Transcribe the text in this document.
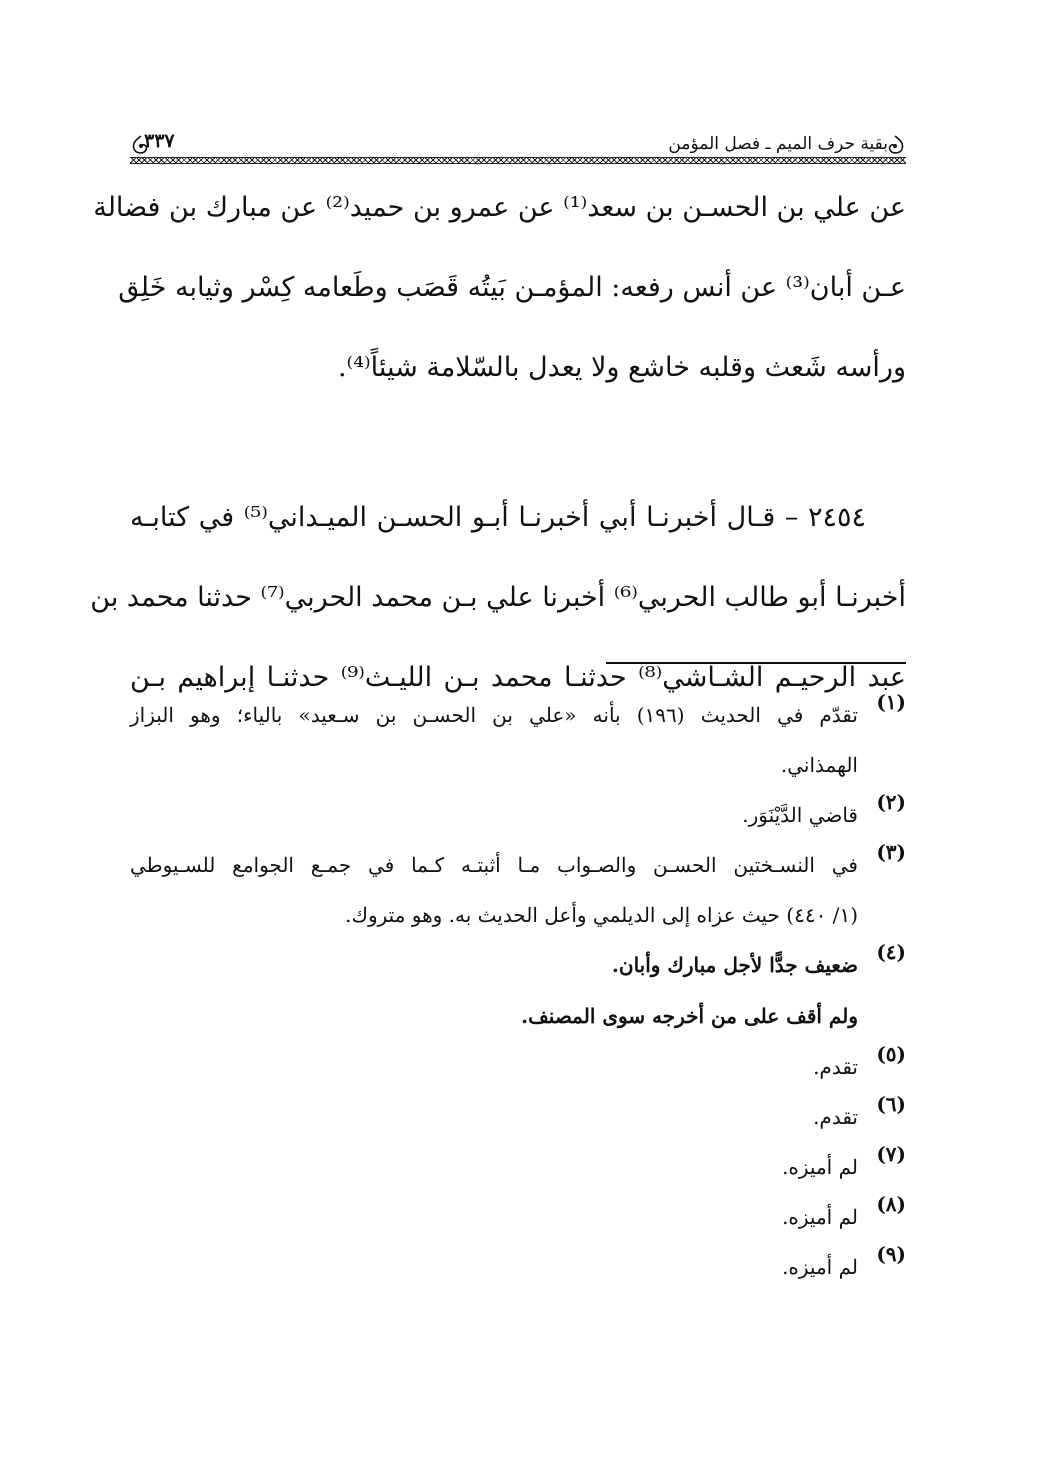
بقية حرف الميم ـ فصل المؤمن
٣٣٧
عن علي بن الحسـن بن سعد⁽¹⁾ عن عمرو بن حميد⁽²⁾ عن مبارك بن فضالة
عـن أبان⁽³⁾ عن أنس رفعه: المؤمـن بَيتُه قَصَب وطَعامه كِسْر وثيابه خَلِق
ورأسه شَعث وقلبه خاشع ولا يعدل بالسّلامة شيئاً⁽⁴⁾.
٢٤٥٤ – قـال أخبرنـا أبي أخبرنـا أبـو الحسـن الميـداني⁽⁵⁾ في كتابـه
أخبرنـا أبو طالب الحربي⁽⁶⁾ أخبرنا علي بـن محمد الحربي⁽⁷⁾ حدثنا محمد بن
عبد الرحيـم الشـاشي⁽⁸⁾ حدثنـا محمد بـن الليـث⁽⁹⁾ حدثنـا إبراهيم بـن
(١)
تقدّم في الحديث (١٩٦) بأنه «علي بن الحسـن بن سـعيد» بالياء؛ وهو البزاز
الهمذاني.
(٢)
قاضي الدَّيْنَوَر.
(٣)
في النسـختين الحسـن والصـواب مـا أثبتـه كـما في جمـع الجوامع للسـيوطي
(١/ ٤٤٠) حيث عزاه إلى الديلمي وأعل الحديث به. وهو متروك.
(٤)
ضعيف جدًّا لأجل مبارك وأبان.
ولم أقف على من أخرجه سوى المصنف.
(٥)
تقدم.
(٦)
تقدم.
(٧)
لم أميزه.
(٨)
لم أميزه.
(٩)
لم أميزه.
